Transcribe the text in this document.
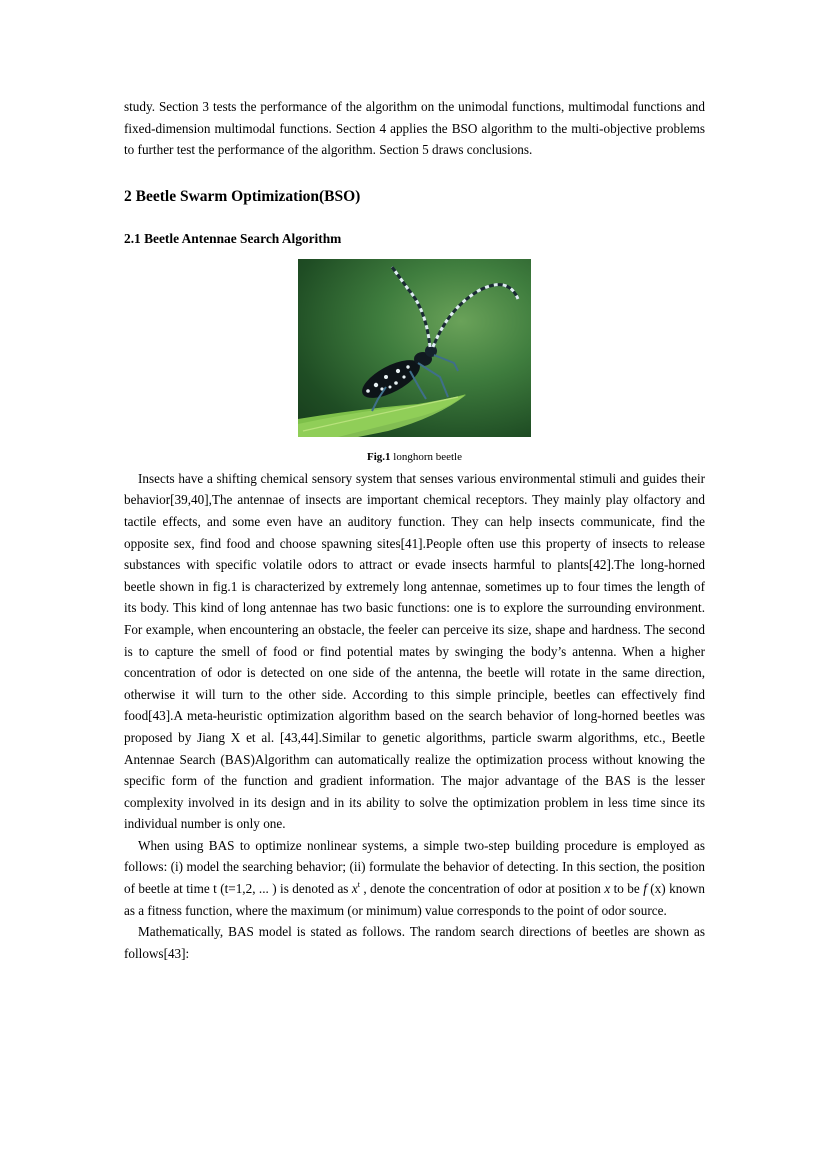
study. Section 3 tests the performance of the algorithm on the unimodal functions, multimodal functions and fixed-dimension multimodal functions. Section 4 applies the BSO algorithm to the multi-objective problems to further test the performance of the algorithm. Section 5 draws conclusions.

2 Beetle Swarm Optimization(BSO)
2.1 Beetle Antennae Search Algorithm
Fig.1 longhorn beetle

Insects have a shifting chemical sensory system that senses various environmental stimuli and guides their behavior[39,40],The antennae of insects are important chemical receptors. They mainly play olfactory and tactile effects, and some even have an auditory function. They can help insects communicate, find the opposite sex, find food and choose spawning sites[41].People often use this property of insects to release substances with specific volatile odors to attract or evade insects harmful to plants[42].The long-horned beetle shown in fig.1 is characterized by extremely long antennae, sometimes up to four times the length of its body. This kind of long antennae has two basic functions: one is to explore the surrounding environment. For example, when encountering an obstacle, the feeler can perceive its size, shape and hardness. The second is to capture the smell of food or find potential mates by swinging the body’s antenna. When a higher concentration of odor is detected on one side of the antenna, the beetle will rotate in the same direction, otherwise it will turn to the other side. According to this simple principle, beetles can effectively find food[43].A meta-heuristic optimization algorithm based on the search behavior of long-horned beetles was proposed by Jiang X et al. [43,44].Similar to genetic algorithms, particle swarm algorithms, etc., Beetle Antennae Search (BAS)Algorithm can automatically realize the optimization process without knowing the specific form of the function and gradient information. The major advantage of the BAS is the lesser complexity involved in its design and in its ability to solve the optimization problem in less time since its individual number is only one.

When using BAS to optimize nonlinear systems, a simple two-step building procedure is employed as follows: (i) model the searching behavior; (ii) formulate the behavior of detecting. In this section, the position of beetle at time t (t=1,2, ... ) is denoted as $x^t$ , denote the concentration of odor at position x to be f (x) known as a fitness function, where the maximum (or minimum) value corresponds to the point of odor source.

Mathematically, BAS model is stated as follows. The random search directions of beetles are shown as follows[43]:
